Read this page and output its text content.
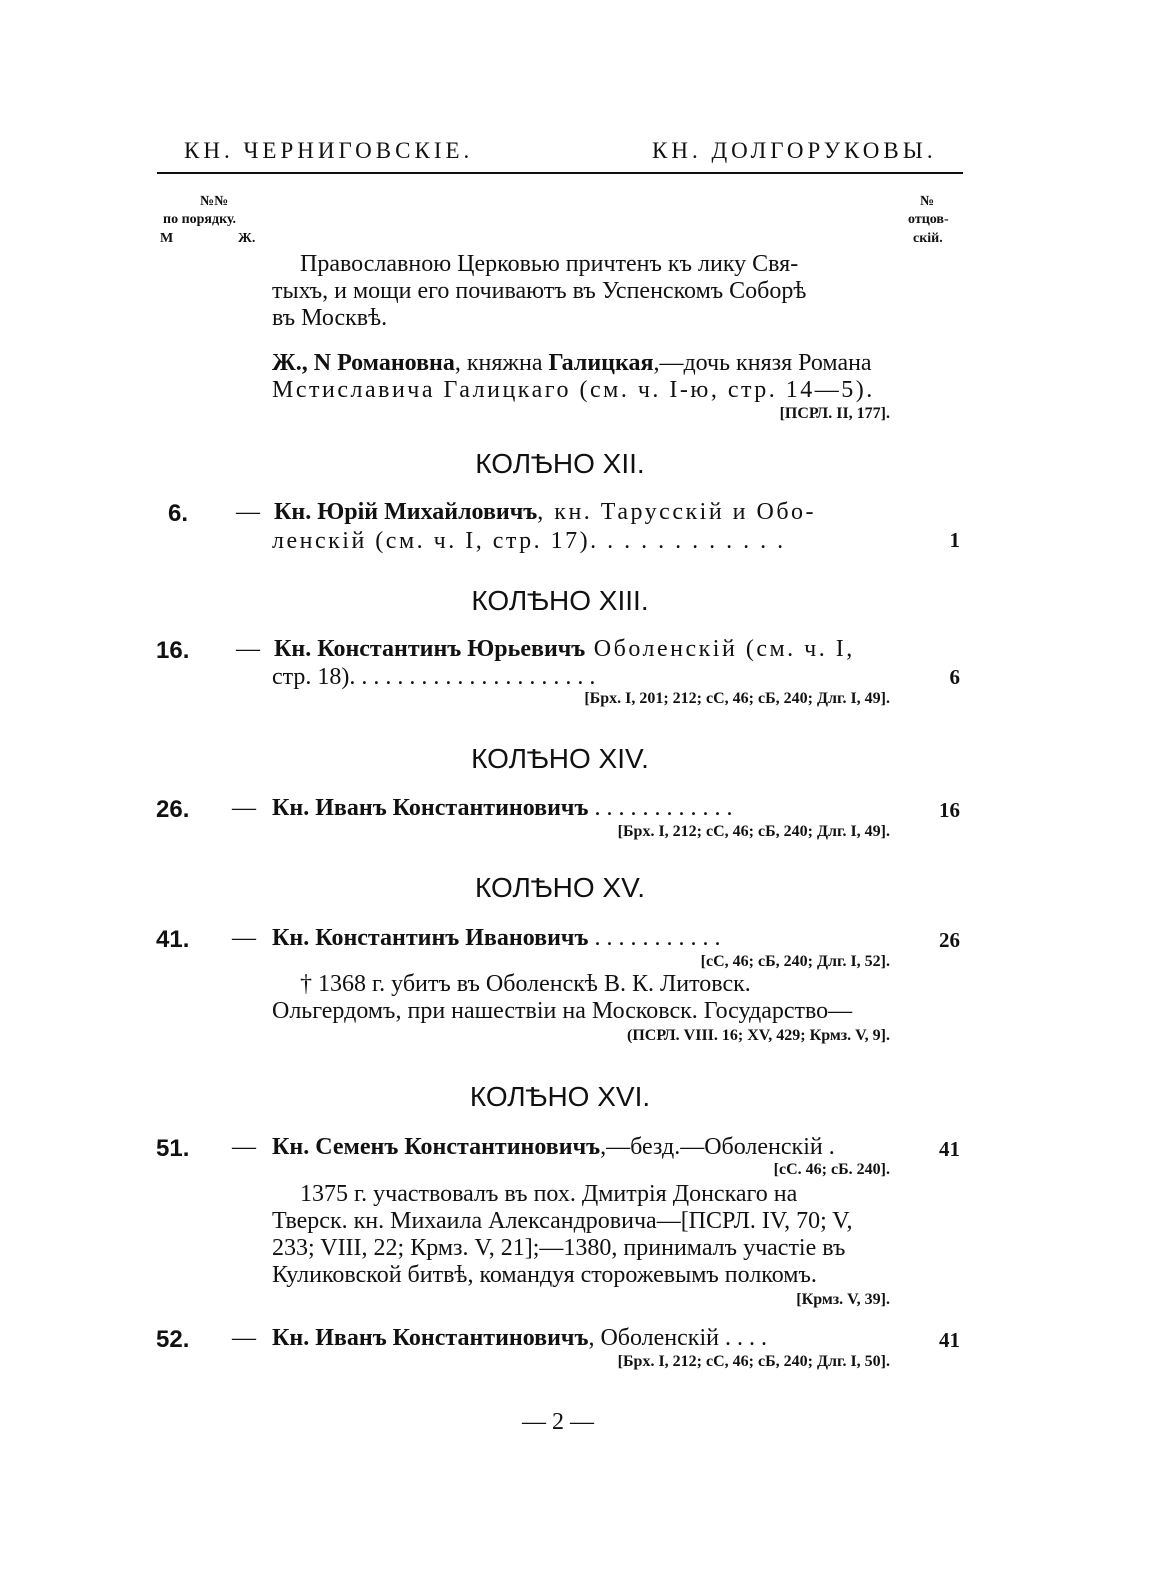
КН. ЧЕРНИГОВСКІЕ.	КН. ДОЛГОРУКОВЫ.
№№
по порядку.
М	Ж.
№
отцов-
скій.
Православною Церковью причтенъ къ лику Свя-
тыхъ, и мощи его почиваютъ въ Успенскомъ Соборѣ
въ Москвѣ.
Ж., N Романовна, княжна Галицкая,—дочь князя Романа
Мстиславича Галицкаго (см. ч. І-ю, стр. 14—5).
[ПСРЛ. II, 177].
КОЛѢНО XII.
6. — Кн. Юрій Михайловичъ, кн. Тарусскій и Обо-
ленскій (см. ч. І, стр. 17). . . . . . . . . . . .	1
КОЛѢНО XIII.
16. — Кн. Константинъ Юрьевичъ Оболенскій (см. ч. І,
стр. 18). . . . . . . . . . . . . . . . . . . . .	6
[Брх. I, 201; 212; сС, 46; сБ, 240; Длг. I, 49].
КОЛѢНО XIV.
26. — Кн. Иванъ Константиновичъ . . . . . . . . . . . .	16
[Брх. I, 212; сС, 46; сБ, 240; Длг. I, 49].
КОЛѢНО XV.
41. — Кн. Константинъ Ивановичъ . . . . . . . . . . .	26
[сС, 46; сБ, 240; Длг. I, 52].
† 1368 г. убитъ въ Оболенскѣ В. К. Литовск.
Ольгердомъ, при нашествіи на Московск. Государство—
(ПСРЛ. VIII. 16; XV, 429; Крмз. V, 9].
КОЛѢНО XVI.
51. — Кн. Семенъ Константиновичъ,—безд.—Оболенскій .	41
[сС. 46; сБ. 240].
1375 г. участвовалъ въ пох. Дмитрія Донскаго на
Тверск. кн. Михаила Александровича—[ПСРЛ. IV, 70; V,
233; VIII, 22; Крмз. V, 21];—1380, принималъ участіе въ
Куликовской битвѣ, командуя сторожевымъ полкомъ.
[Крмз. V, 39].
52. — Кн. Иванъ Константиновичъ, Оболенскій . . . .	41
[Брх. I, 212; сС, 46; сБ, 240; Длг. I, 50].
— 2 —
